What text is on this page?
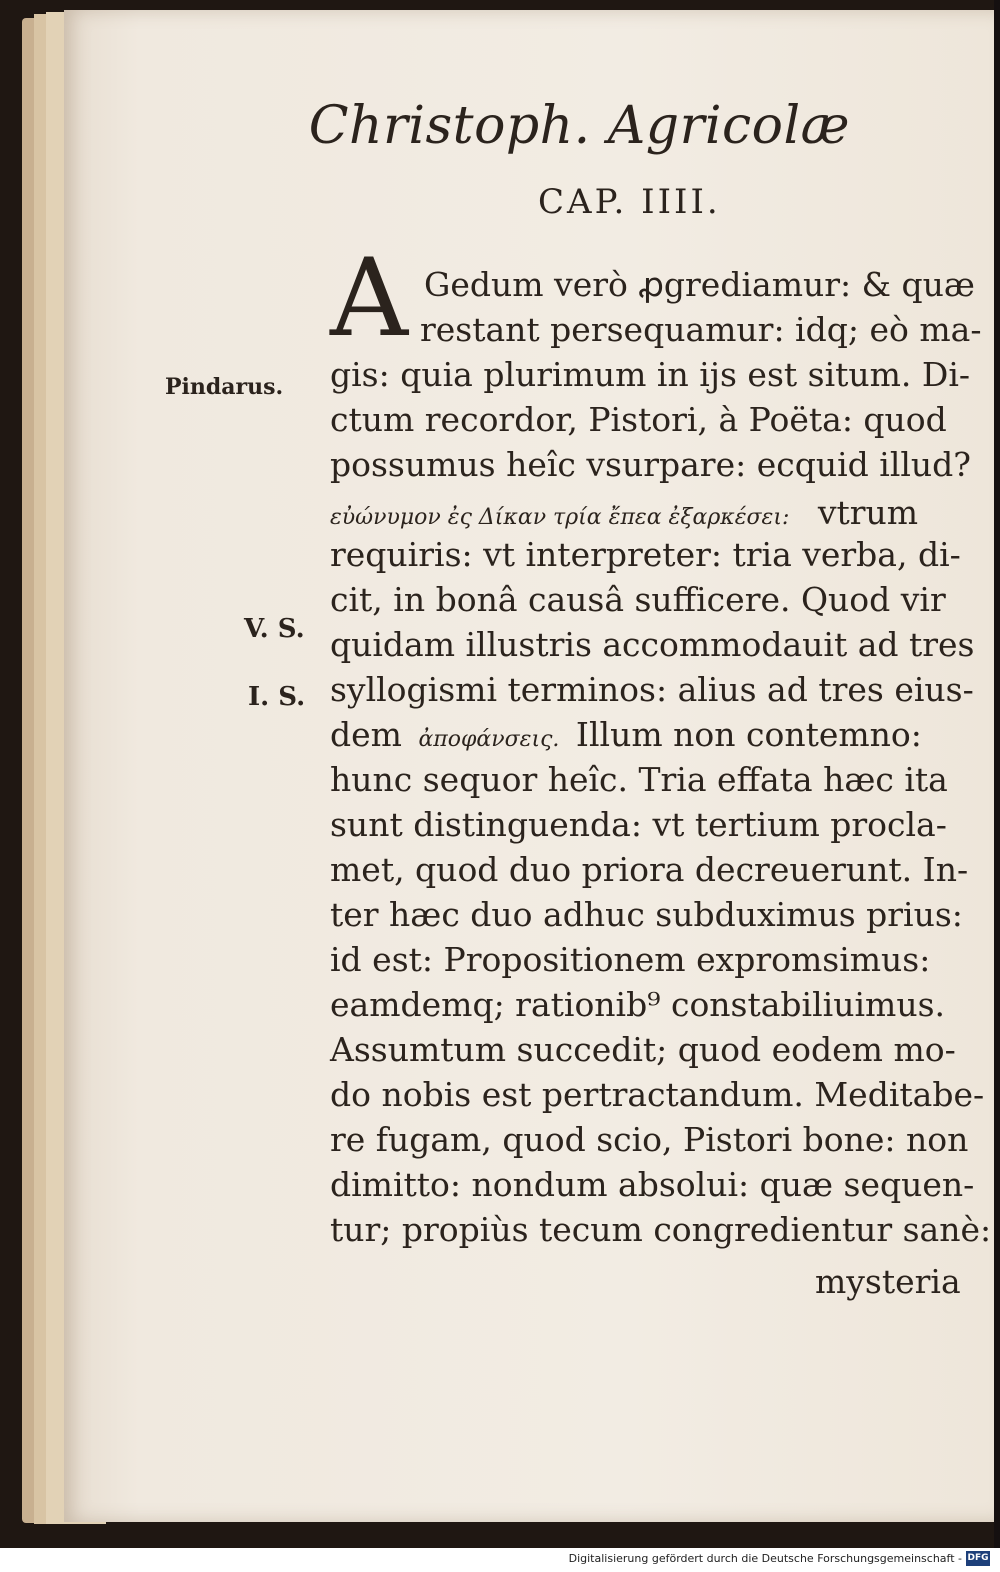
Christoph. Agricolæ
CAP. IIII.
A Gedum verò ꝓgrediamur: & quæ
restant persequamur: idq; eò ma-
gis: quia plurimum in ijs est situm. Di-
ctum recordor, Pistori, à Poëta: quod
possumus heîc vsurpare: ecquid illud?
εὐώνυμον ἐς Δίκαν τρία ἔπεα ἐξαρκέσει: vtrum
requiris: vt interpreter: tria verba, di-
cit, in bonâ causâ sufficere. Quod vir
quidam illustris accommodauit ad tres
syllogismi terminos: alius ad tres eius-
dem ἀποφάνσεις. Illum non contemno:
hunc sequor heîc. Tria effata hæc ita
sunt distinguenda: vt tertium procla-
met, quod duo priora decreuerunt. In-
ter hæc duo adhuc subduximus prius:
id est: Propositionem expromsimus:
eamdemq; rationib⁹ constabiliuimus.
Assumtum succedit; quod eodem mo-
do nobis est pertractandum. Meditabe-
re fugam, quod scio, Pistori bone: non
dimitto: nondum absolui: quæ sequen-
tur; propiùs tecum congredientur sanè:
mysteria
Pindarus.
V. S.
I. S.
Digitalisierung gefördert durch die Deutsche Forschungsgemeinschaft - DFG
